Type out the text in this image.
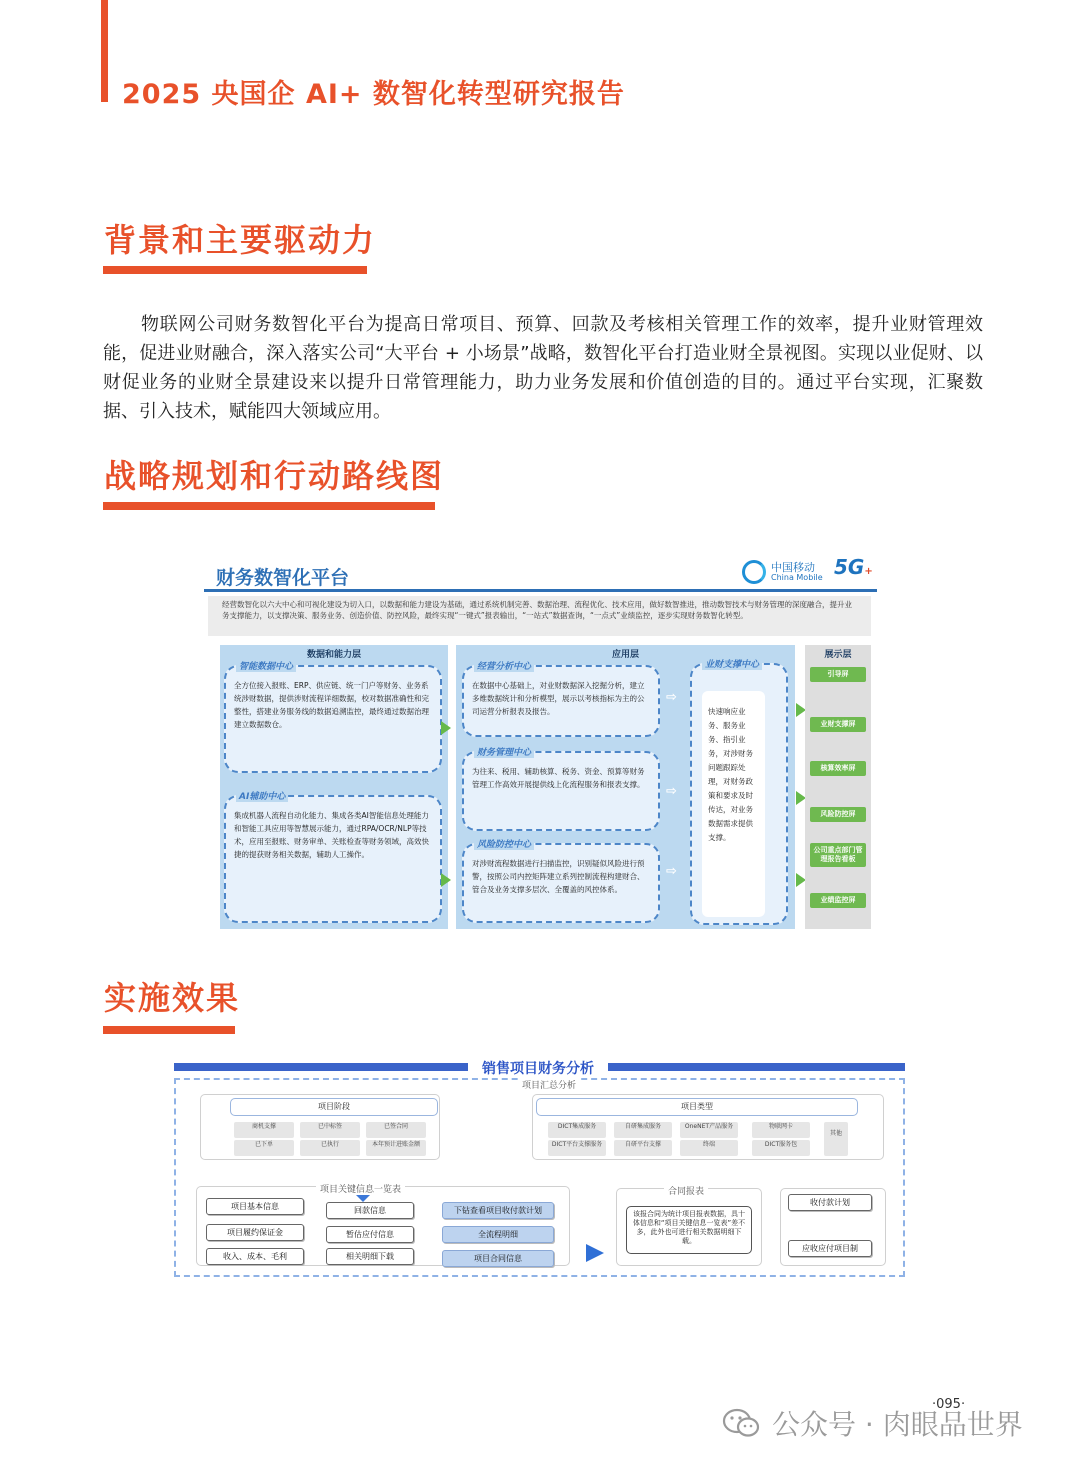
2025 央国企 AI+ 数智化转型研究报告
背景和主要驱动力

物联网公司财务数智化平台为提高日常项目、预算、回款及考核相关管理工作的效率，提升业财管理效能，促进业财融合，深入落实公司“大平台 + 小场景”战略，数智化平台打造业财全景视图。实现以业促财、以财促业务的业财全景建设来以提升日常管理能力，助力业务发展和价值创造的目的。通过平台实现，汇聚数据、引入技术，赋能四大领域应用。

战略规划和行动路线图
财务数智化平台	中国移动
China Mobile 5G+
经营数智化以六大中心和可视化建设为切入口，以数据和能力建设为基础，通过系统机制完善、数据治理、流程优化、技术应用，做好数智推进，推动数智技术与财务管理的深度融合，提升业务支撑能力，以支撑决策、服务业务、创造价值、防控风险，最终实现“一键式”报表输出，“一站式”数据查询，“一点式”业绩监控，逐步实现财务数智化转型。
数据和能力层
智能数据中心
全方位接入报账、ERP、供应链、统一门户等财务、业务系统涉财数据，提供涉财流程详细数据，校对数据准确性和完整性，搭建业务服务线的数据追溯监控，最终通过数据治理建立数据数仓。
AI辅助中心
集成机器人流程自动化能力、集成各类AI智能信息处理能力和智能工具应用等智慧展示能力，通过RPA/OCR/NLP等技术，应用至报账、财务审单、关账检查等财务领域，高效快捷的提获财务相关数据，辅助人工操作。
应用层
经营分析中心
在数据中心基础上，对业财数据深入挖掘分析，建立多维数据统计和分析模型，展示以考核指标为主的公司运营分析报表及报告。
财务管理中心
为往来、税用、辅助核算、税务、资金、预算等财务管理工作高效开展提供线上化流程服务和报表支撑。
风险防控中心
对涉财流程数据进行扫描监控，识别疑似风险进行预警，按照公司内控矩阵建立系列控制流程构建财合、管合及业务支撑多层次、全覆盖的风控体系。
⇨
⇨
⇨
业财支撑中心
快速响应业务、服务业务、指引业务，对涉财务问题跟踪处理，对财务政策和要求及时传达，对业务数据需求提供支撑。
展示层
引导屏
业财支撑屏
核算效率屏
风险防控屏
公司重点部门管理报告看板
业绩监控屏
实施效果
销售项目财务分析
项目汇总分析
项目阶段
商机支撑	已中标签	已签合同
已下单	已执行	本年预计进账金额
项目类型
DICT集成服务	自研集成服务	OneNET产品服务
DICT平台支撑服务	自研平台支撑	终端
物联网卡
DICT服务包
其他
项目关键信息一览表
项目基本信息
项目履约保证金
收入、成本、毛利
回款信息
暂估应付信息
相关明细下载
下钻查看项目收付款计划
全流程明细
项目合同信息
合同报表
该报合同为统计项目报表数据，具十体信息和“项目关键信息一览表”差不多，此外也可进行相关数据明细下载。
收付款计划
应收应付项目制
·095·
公众号 · 肉眼品世界
